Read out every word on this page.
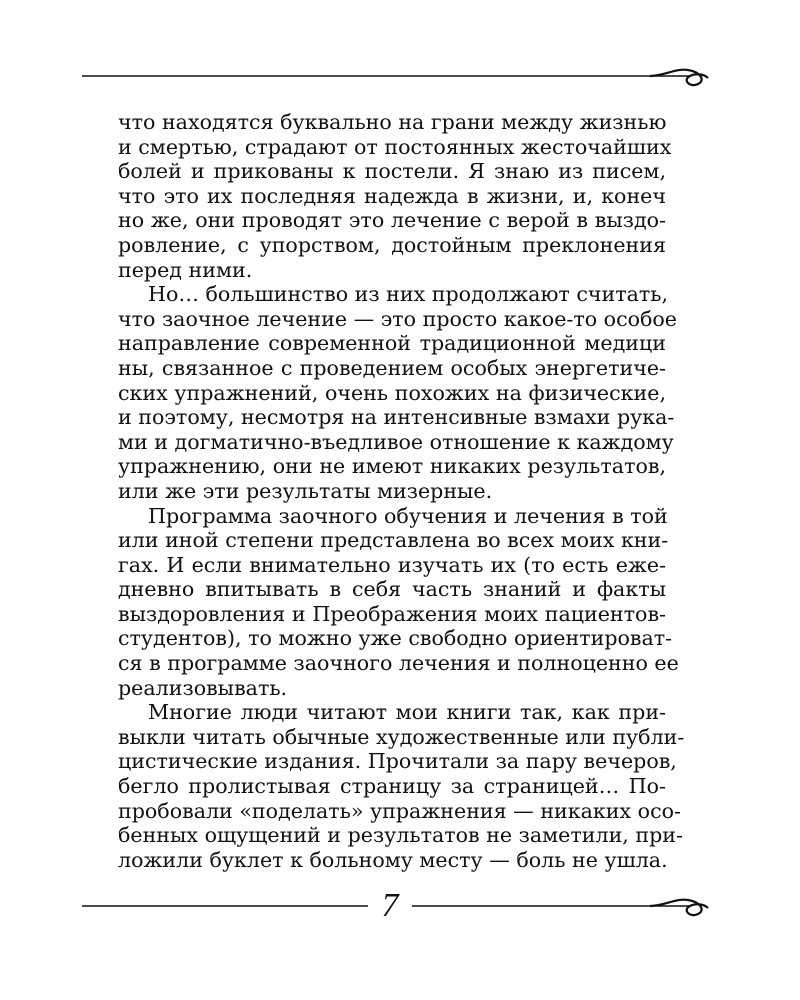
что находятся буквально на грани между жизнью
и смертью, страдают от постоянных жесточайших
болей и прикованы к постели. Я знаю из писем,
что это их последняя надежда в жизни, и, конеч
но же, они проводят это лечение с верой в выздо-
ровление, с упорством, достойным преклонения
перед ними.
Но… большинство из них продолжают считать,
что заочное лечение — это просто какое-то особое
направление современной традиционной медици
ны, связанное с проведением особых энергетиче-
ских упражнений, очень похожих на физические,
и поэтому, несмотря на интенсивные взмахи рука-
ми и догматично-въедливое отношение к каждому
упражнению, они не имеют никаких результатов,
или же эти результаты мизерные.
Программа заочного обучения и лечения в той
или иной степени представлена во всех моих кни-
гах. И если внимательно изучать их (то есть еже-
дневно впитывать в себя часть знаний и факты
выздоровления и Преображения моих пациентов-
студентов), то можно уже свободно ориентироват-
ся в программе заочного лечения и полноценно ее
реализовывать.
Многие люди читают мои книги так, как при-
выкли читать обычные художественные или публи-
цистические издания. Прочитали за пару вечеров,
бегло пролистывая страницу за страницей… По-
пробовали «поделать» упражнения — никаких осо-
бенных ощущений и результатов не заметили, при-
ложили буклет к больному месту — боль не ушла.
7
